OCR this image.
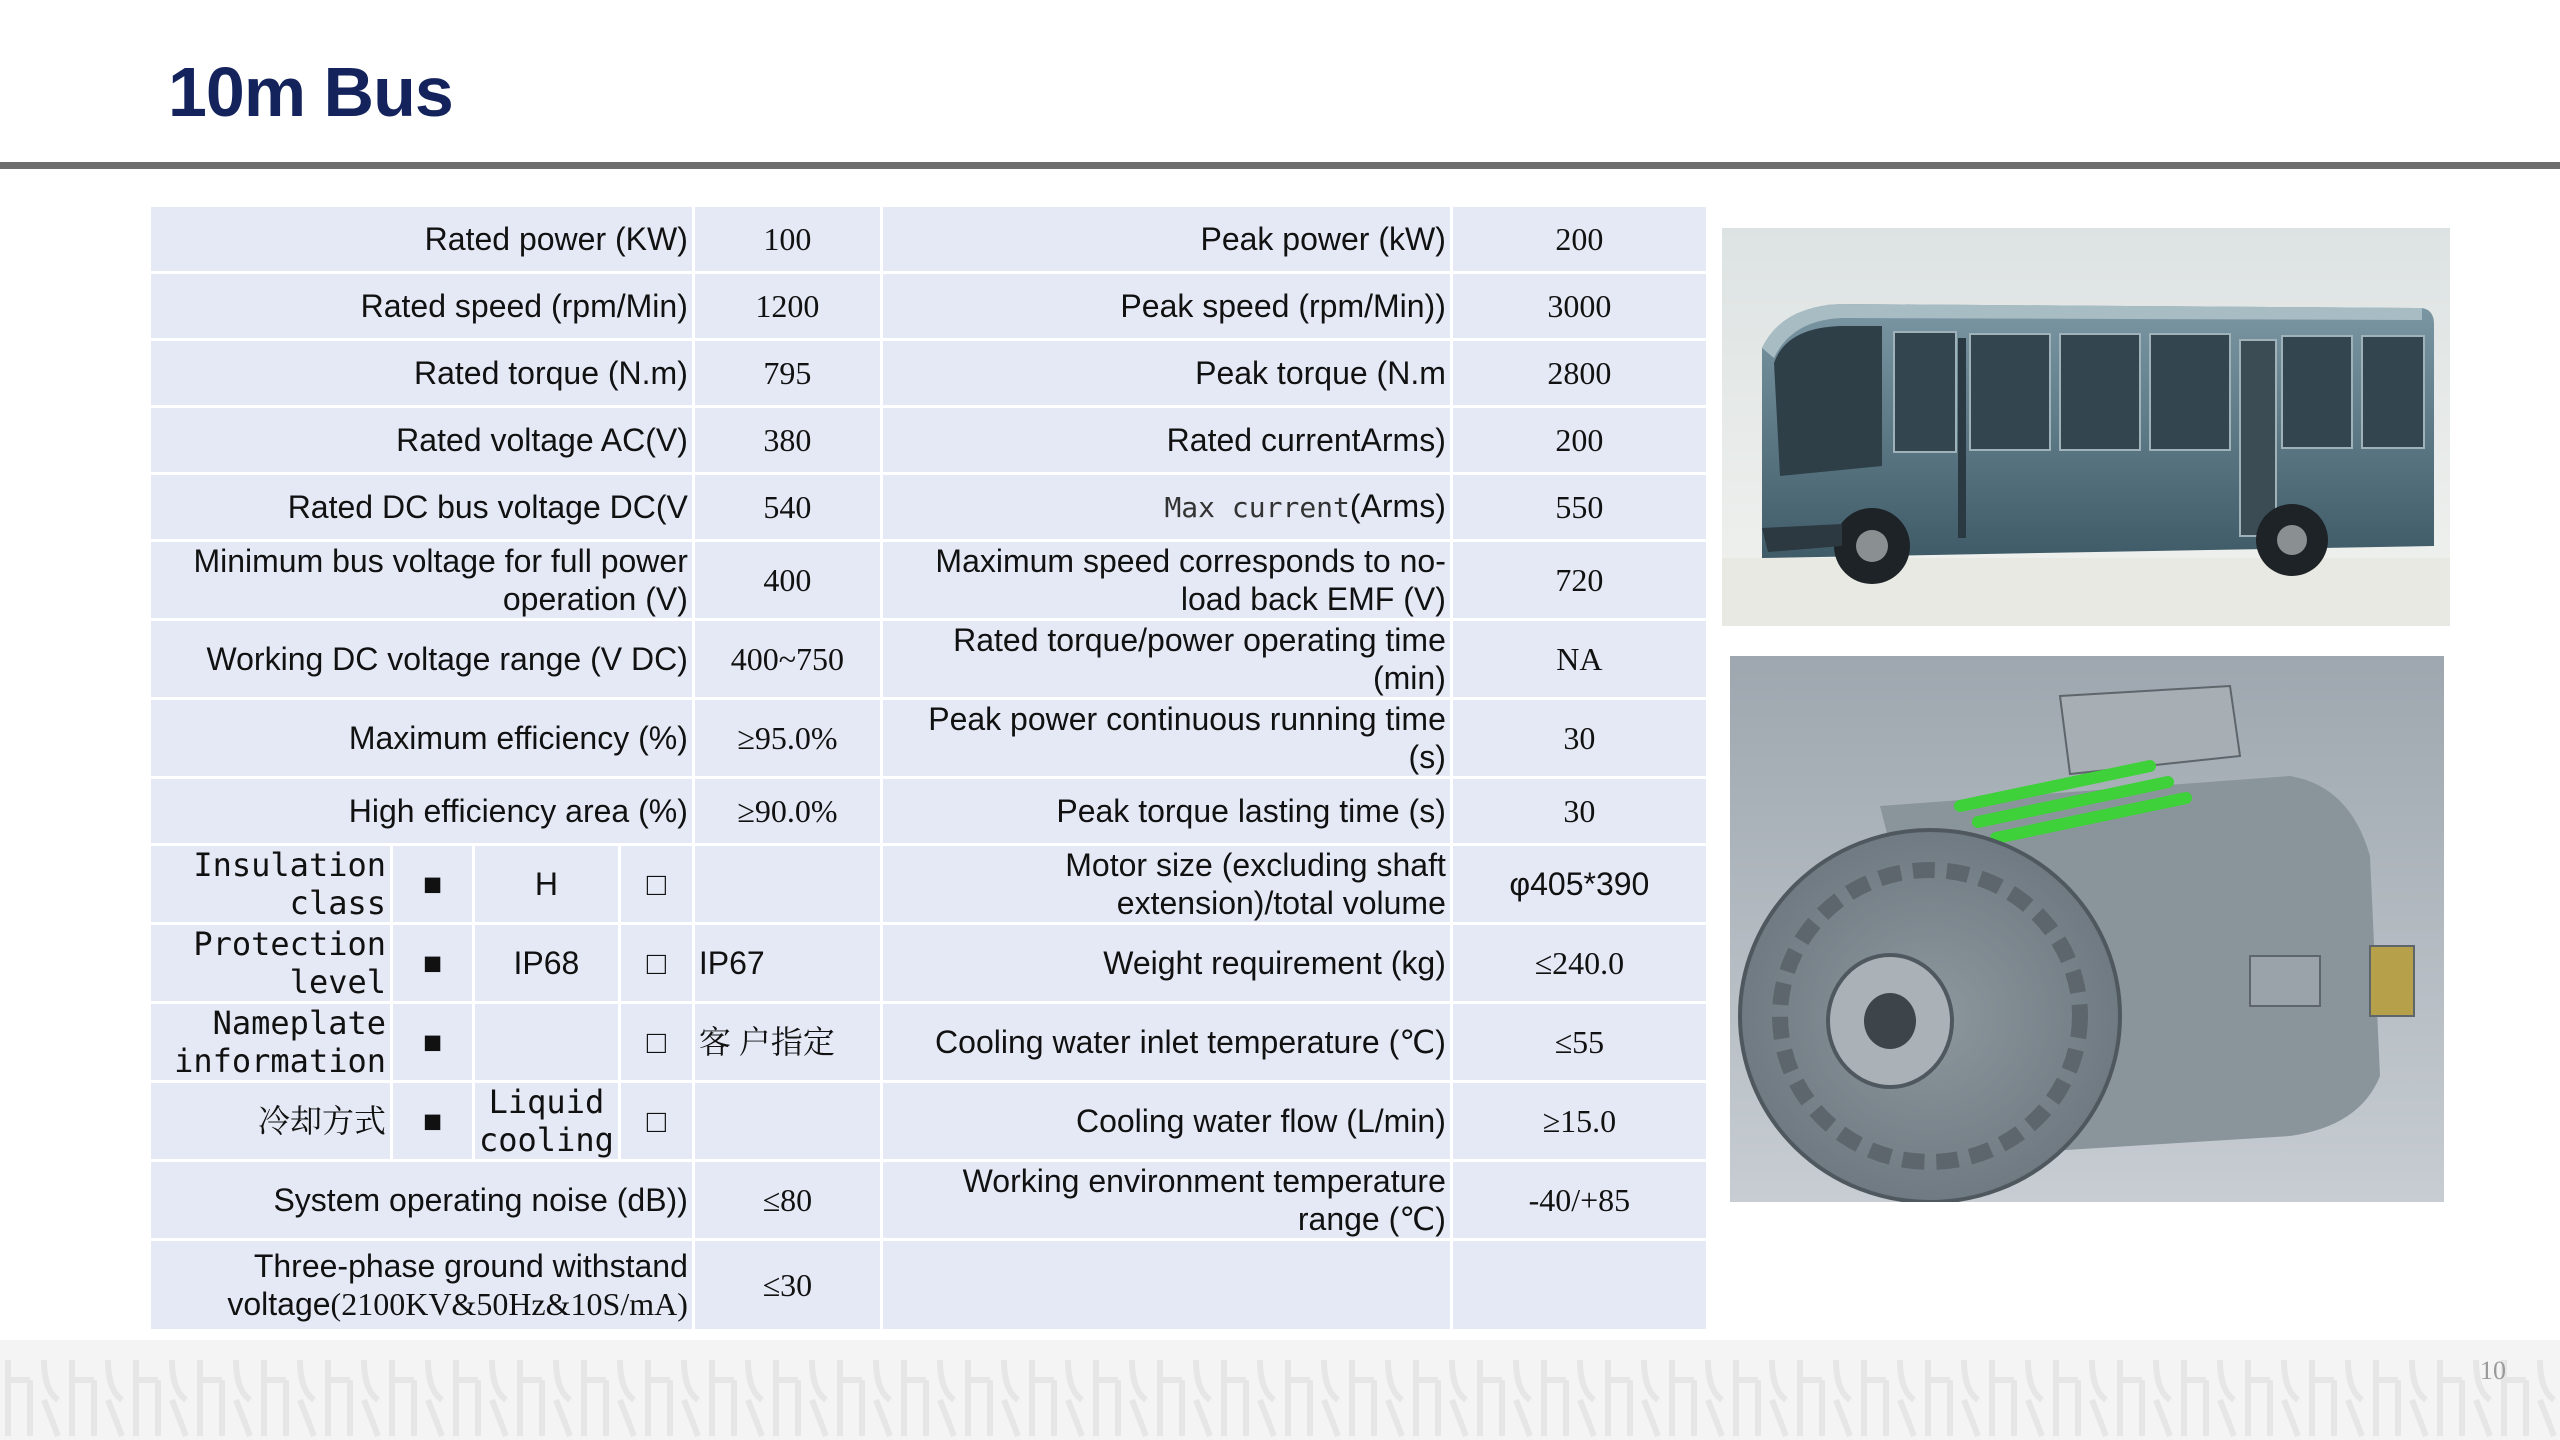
10m Bus
Rated power (KW)				100	Peak power (kW)	200
Rated speed (rpm/Min)				1200	Peak speed (rpm/Min))	3000
Rated torque (N.m)				795	Peak torque (N.m	2800
Rated voltage AC(V)				380	Rated currentArms)	200
Rated DC bus voltage DC(V				540	Max current(Arms)	550
Minimum bus voltage for full power operation (V)				400	Maximum speed corresponds to no-load back EMF (V)	720
Working DC voltage range (V DC)				400~750	Rated torque/power operating time (min)	NA
Maximum efficiency (%)				≥95.0%	Peak power continuous running time (s)	30
High efficiency area (%)				≥90.0%	Peak torque lasting time (s)	30
Insulation class	■	H	□		Motor size (excluding shaft extension)/total volume	φ405*390
Protection level	■	IP68	□	IP67	Weight requirement (kg)	≤240.0
Nameplate information	■		□	客 户指定	Cooling water inlet temperature (℃)	≤55
冷却方式	■	Liquid cooling	□		Cooling water flow (L/min)	≥15.0
System operating noise (dB))				≤80	Working environment temperature range (℃)	-40/+85
Three-phase ground withstand voltage(2100KV&50Hz&10S/mA)				≤30		
10
